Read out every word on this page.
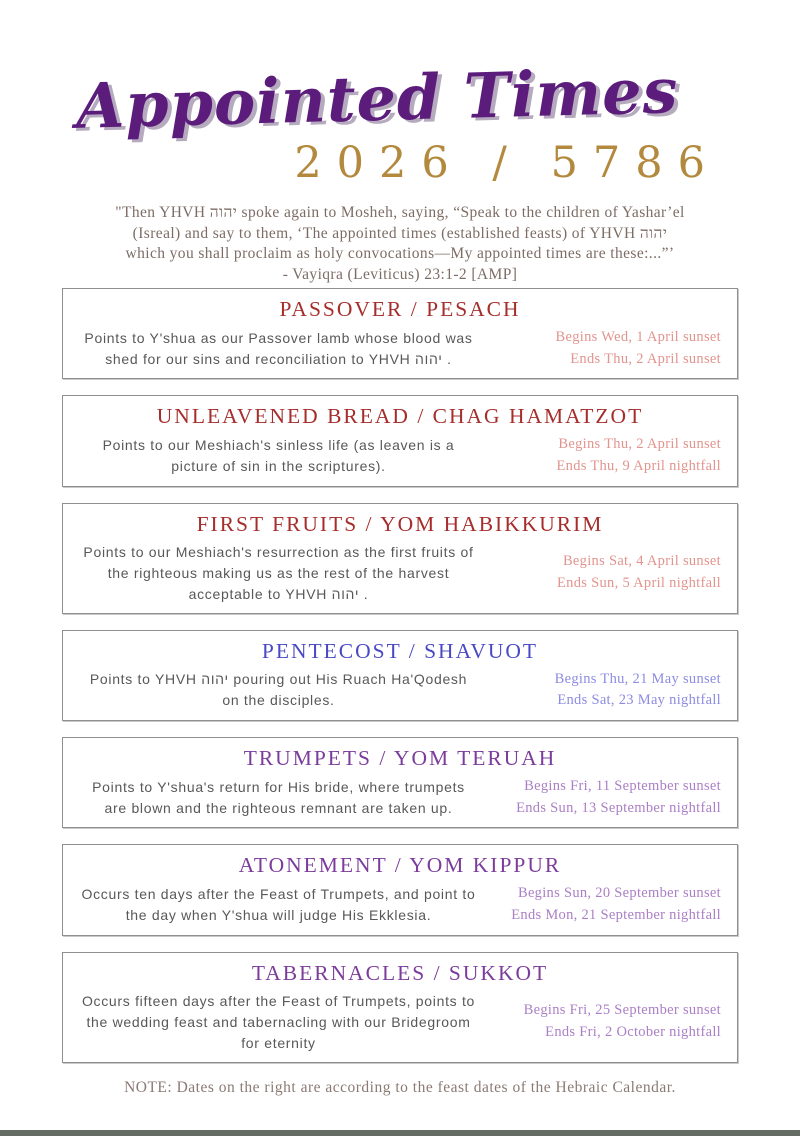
Appointed Times
2026 / 5786
"Then YHVH יהוה spoke again to Mosheh, saying, “Speak to the children of Yashar’el
(Isreal) and say to them, ‘The appointed times (established feasts) of YHVH יהוה
which you shall proclaim as holy convocations—My appointed times are these:...”’
- Vayiqra (Leviticus) 23:1-2 [AMP]
PASSOVER / PESACH
Points to Y'shua as our Passover lamb whose blood was shed for our sins and reconciliation to YHVH יהוה .
Begins Wed, 1 April sunset
Ends Thu, 2 April sunset
UNLEAVENED BREAD / CHAG HAMATZOT
Points to our Meshiach's sinless life (as leaven is a picture of sin in the scriptures).
Begins Thu, 2 April sunset
Ends Thu, 9 April nightfall
FIRST FRUITS / YOM HABIKKURIM
Points to our Meshiach's resurrection as the first fruits of the righteous making us as the rest of the harvest acceptable to YHVH יהוה .
Begins Sat, 4 April sunset
Ends Sun, 5 April nightfall
PENTECOST / SHAVUOT
Points to YHVH יהוה pouring out His Ruach Ha'Qodesh on the disciples.
Begins Thu, 21 May sunset
Ends Sat, 23 May nightfall
TRUMPETS / YOM TERUAH
Points to Y'shua's return for His bride, where trumpets are blown and the righteous remnant are taken up.
Begins Fri, 11 September sunset
Ends Sun, 13 September nightfall
ATONEMENT / YOM KIPPUR
Occurs ten days after the Feast of Trumpets, and point to the day when Y'shua will judge His Ekklesia.
Begins Sun, 20 September sunset
Ends Mon, 21 September nightfall
TABERNACLES / SUKKOT
Occurs fifteen days after the Feast of Trumpets, points to the wedding feast and tabernacling with our Bridegroom for eternity
Begins Fri, 25 September sunset
Ends Fri, 2 October nightfall
NOTE: Dates on the right are according to the feast dates of the Hebraic Calendar.
